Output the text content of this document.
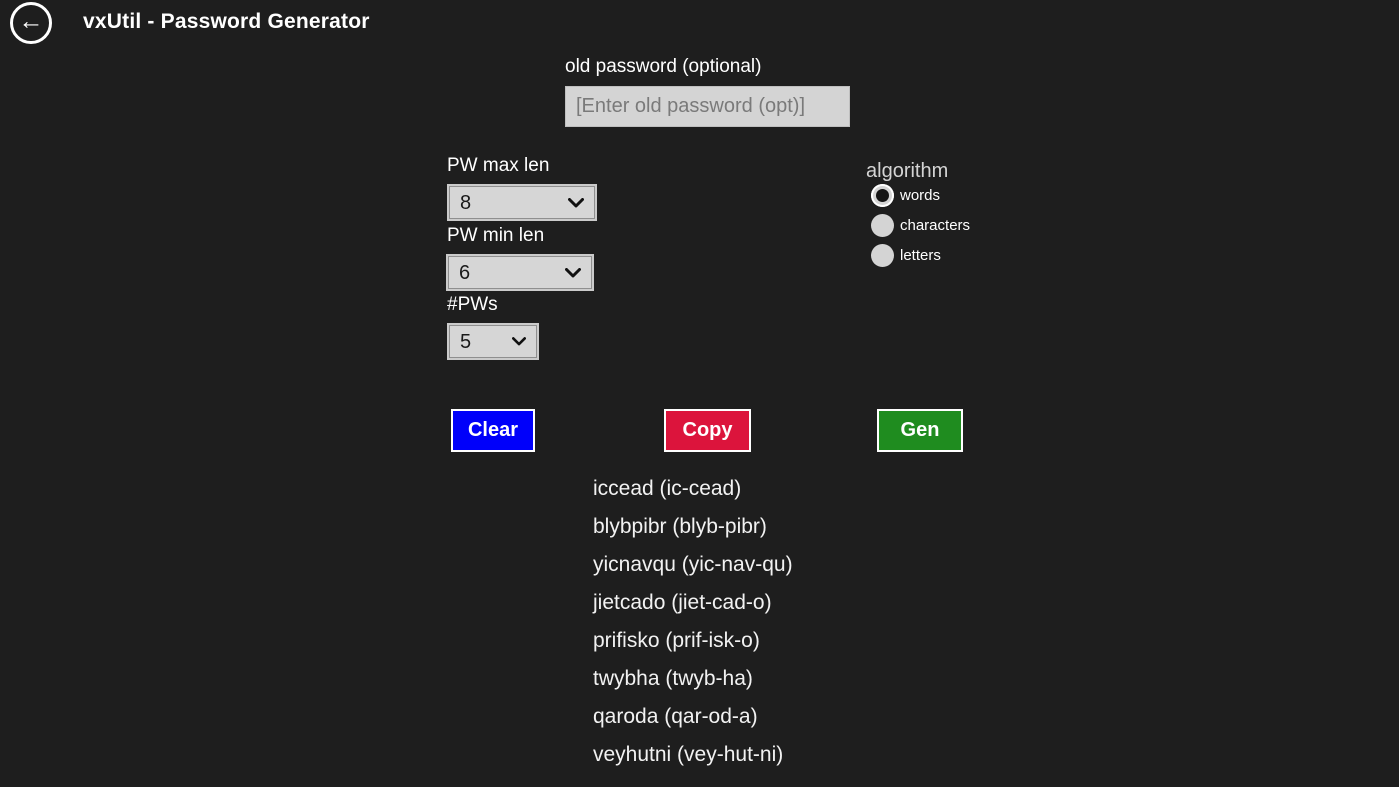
← vxUtil - Password Generator
old password (optional)
[Enter old password (opt)]
PW max len
8
PW min len
6
#PWs
5
algorithm
words
characters
letters
Clear	Copy	Gen
iccead (ic-cead)
blybpibr (blyb-pibr)
yicnavqu (yic-nav-qu)
jietcado (jiet-cad-o)
prifisko (prif-isk-o)
twybha (twyb-ha)
qaroda (qar-od-a)
veyhutni (vey-hut-ni)
